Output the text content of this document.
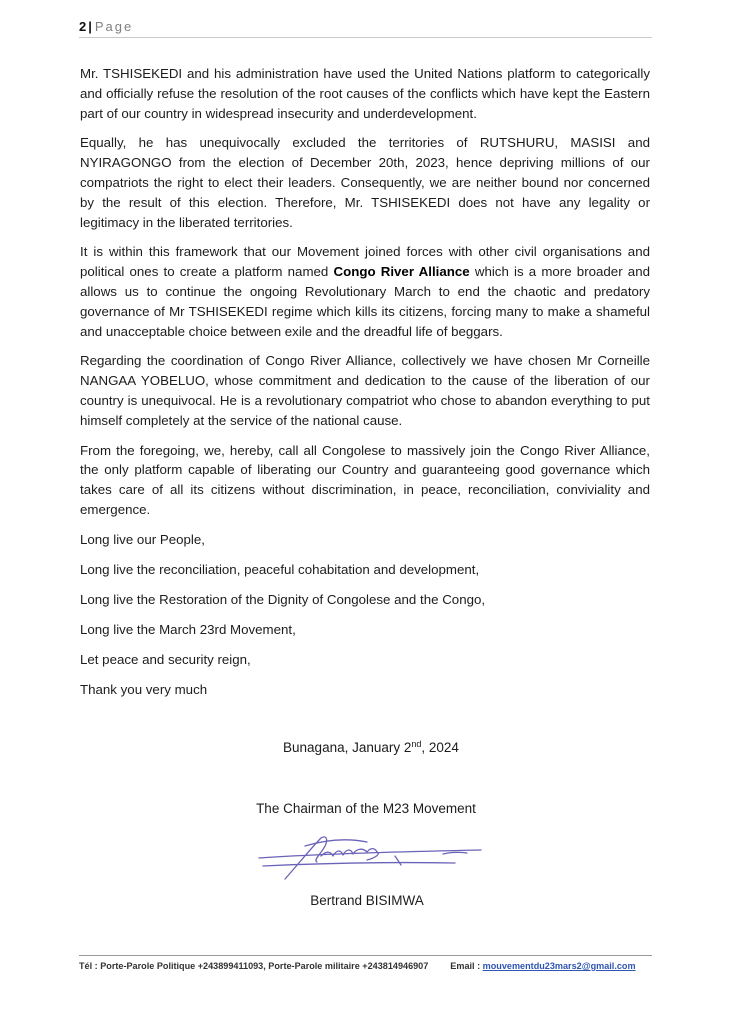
2 | Page

Mr. TSHISEKEDI and his administration have used the United Nations platform to categorically and officially refuse the resolution of the root causes of the conflicts which have kept the Eastern part of our country in widespread insecurity and underdevelopment.

Equally, he has unequivocally excluded the territories of RUTSHURU, MASISI and NYIRAGONGO from the election of December 20th, 2023, hence depriving millions of our compatriots the right to elect their leaders. Consequently, we are neither bound nor concerned by the result of this election. Therefore, Mr. TSHISEKEDI does not have any legality or legitimacy in the liberated territories.

It is within this framework that our Movement joined forces with other civil organisations and political ones to create a platform named Congo River Alliance which is a more broader and allows us to continue the ongoing Revolutionary March to end the chaotic and predatory governance of Mr TSHISEKEDI regime which kills its citizens, forcing many to make a shameful and unacceptable choice between exile and the dreadful life of beggars.

Regarding the coordination of Congo River Alliance, collectively we have chosen Mr Corneille NANGAA YOBELUO, whose commitment and dedication to the cause of the liberation of our country is unequivocal. He is a revolutionary compatriot who chose to abandon everything to put himself completely at the service of the national cause.

From the foregoing, we, hereby, call all Congolese to massively join the Congo River Alliance, the only platform capable of liberating our Country and guaranteeing good governance which takes care of all its citizens without discrimination, in peace, reconciliation, conviviality and emergence.

Long live our People,

Long live the reconciliation, peaceful cohabitation and development,

Long live the Restoration of the Dignity of Congolese and the Congo,

Long live the March 23rd Movement,

Let peace and security reign,

Thank you very much

Bunagana, January 2nd, 2024
The Chairman of the M23 Movement
Bertrand BISIMWA
Tél : Porte-Parole Politique +243899411093, Porte-Parole militaire +243814946907 Email : mouvementdu23mars2@gmail.com
